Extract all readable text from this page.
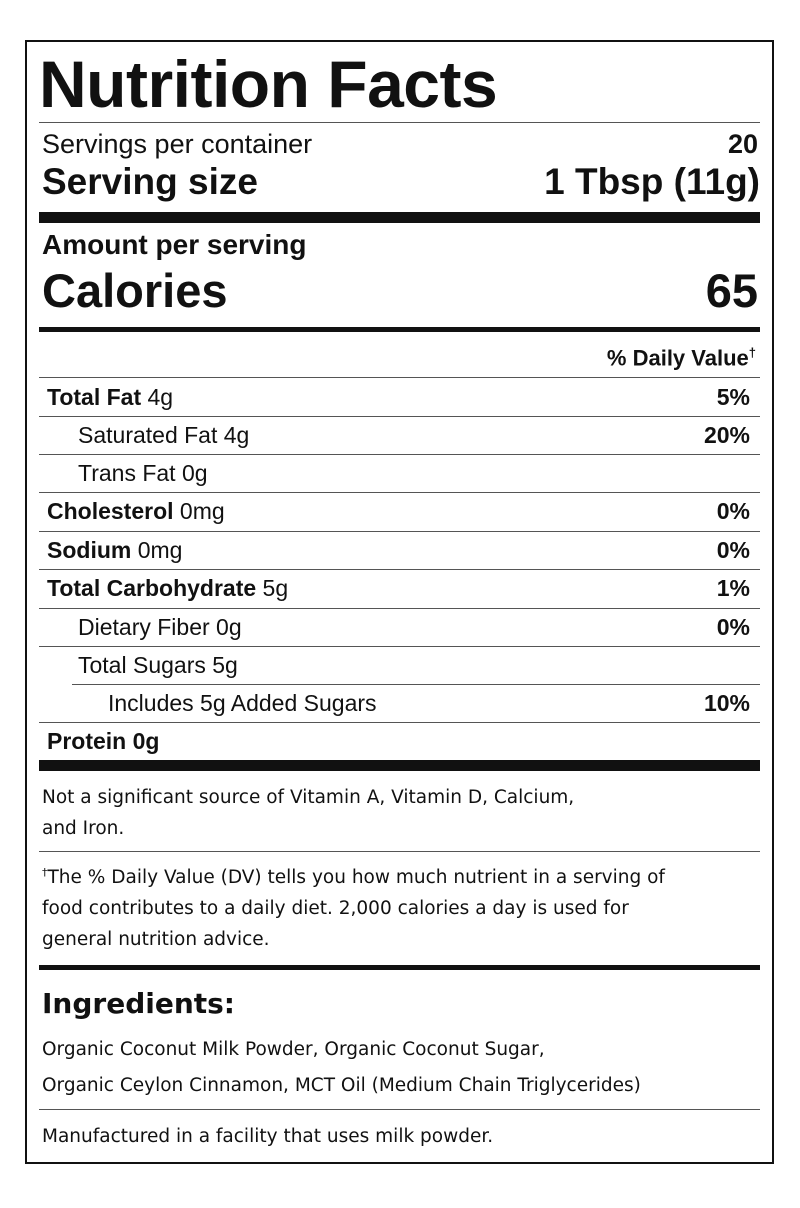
Nutrition Facts
Servings per container	20
Serving size	1 Tbsp (11g)
Amount per serving
Calories	65
% Daily Value†
Total Fat 4g	5%
Saturated Fat 4g	20%
Trans Fat 0g
Cholesterol 0mg	0%
Sodium 0mg	0%
Total Carbohydrate 5g	1%
Dietary Fiber 0g	0%
Total Sugars 5g
Includes 5g Added Sugars	10%
Protein 0g
Not a significant source of Vitamin A, Vitamin D, Calcium,
and Iron.
†The % Daily Value (DV) tells you how much nutrient in a serving of
food contributes to a daily diet. 2,000 calories a day is used for
general nutrition advice.
Ingredients:
Organic Coconut Milk Powder, Organic Coconut Sugar,
Organic Ceylon Cinnamon, MCT Oil (Medium Chain Triglycerides)
Manufactured in a facility that uses milk powder.
